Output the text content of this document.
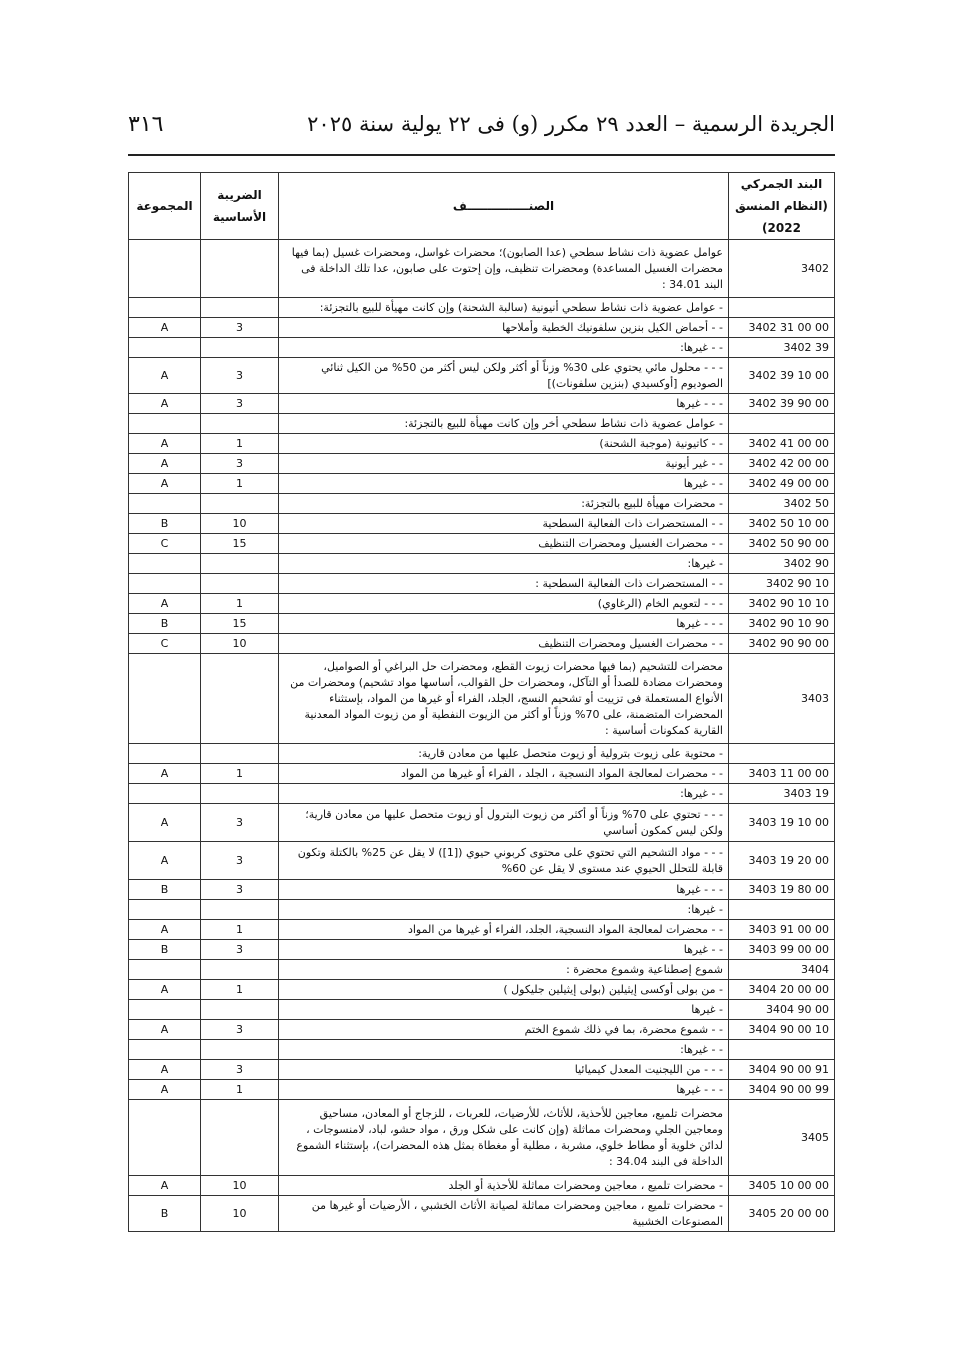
٣١٦	الجريدة الرسمية – العدد ٢٩ مكرر (و) فى ٢٢ يولية سنة ٢٠٢٥
البند الجمركي
(النظام المنسق
2022)	الصنـــــــــــــــف	الضريبة
الأساسية	المجموعة
3402	عوامل عضوية ذات نشاط سطحي (عدا الصابون)؛ محضرات غواسل، ومحضرات غسيل (بما فيها محضرات الغسيل المساعدة) ومحضرات تنظيف، وإن إحتوت على صابون، عدا تلك الداخلة فى البند 34.01 :		
	- عوامل عضوية ذات نشاط سطحي أنيونية (سالبة الشحنة) وإن كانت مهيأة للبيع بالتجزئة:		
3402 31 00 00	- - أحماض الكيل بنزين سلفونيك الخطية وأملاحها	3	A
3402 39	- - غيرها:		
3402 39 10 00	- - - محلول مائي يحتوي على 30% وزناً أو أكثر ولكن ليس أكثر من 50% من الكيل ثنائي الصوديوم [أوكسيدي (بنزين سلفونات)]	3	A
3402 39 90 00	- - - غيرها	3	A
	- عوامل عضوية ذات نشاط سطحي أخر وإن كانت مهيأة للبيع بالتجزئة:		
3402 41 00 00	- - كاتيونية (موجبة الشحنة)	1	A
3402 42 00 00	- - غير أيونية	3	A
3402 49 00 00	- - غيرها	1	A
3402 50	- محضرات مهيأة للبيع بالتجزئة:		
3402 50 10 00	- - المستحضرات ذات الفعالية السطحية	10	B
3402 50 90 00	- - محضرات الغسيل ومحضرات التنظيف	15	C
3402 90	- غيرها:		
3402 90 10	- - المستحضرات ذات الفعالية السطحية :		
3402 90 10 10	- - - لتعويم الخام (الرغاوي)	1	A
3402 90 10 90	- - - غيرها	15	B
3402 90 90 00	- - محضرات الغسيل ومحضرات التنظيف	10	C
3403	محضرات للتشحيم (بما فيها محضرات زيوت القطع، ومحضرات حل البراغي أو الصواميل، ومحضرات مضادة للصدأ أو التآكل، ومحضرات حل القوالب، أساسها مواد تشحيم) ومحضرات من الأنواع المستعملة فى تزييت أو تشحيم النسج، الجلد، الفراء أو غيرها من المواد، بإستثناء المحضرات المتضمنة، على 70% وزناً أو أكثر من الزيوت النفطية أو من زيوت المواد المعدنية القارية كمكونات أساسية :		
	- محتوية على زيوت بترولية أو زيوت متحصل عليها من معادن قارية:		
3403 11 00 00	- - محضرات لمعالجة المواد النسجية ، الجلد ، الفراء أو غيرها من المواد	1	A
3403 19	- - غيرها:		
3403 19 10 00	- - - تحتوي على 70% وزناً أو أكثر من زيوت البترول أو زيوت متحصل عليها من معادن قارية؛ ولكن ليس كمكون أساسي	3	A
3403 19 20 00	- - - مواد التشحيم التي تحتوي على محتوى كربوني حيوي ([1]) لا يقل عن 25% بالكتلة وتكون قابلة للتحلل الحيوي عند مستوى لا يقل عن 60%	3	A
3403 19 80 00	- - - غيرها	3	B
	- غيرها:		
3403 91 00 00	- - محضرات لمعالجة المواد النسجية، الجلد، الفراء أو غيرها من المواد	1	A
3403 99 00 00	- - غيرها	3	B
3404	شموع إصطناعية وشموع محضرة :		
3404 20 00 00	- من بولى أوكسى إيثيلين (بولى إيثيلين جليكول )	1	A
3404 90 00	- غيرها		
3404 90 00 10	- - شموع محضرة، بما في ذلك شموع الختم	3	A
	- - غيرها:		
3404 90 00 91	- - - من الليجنيت المعدل كيميائيا	3	A
3404 90 00 99	- - - غيرها	1	A
3405	محضرات تلميع، معاجين للأحذية، للأثاث، للأرضيات، للعربات ، للزجاج أو المعادن، مساحيق ومعاجين الجلي ومحضرات مماثلة (وإن كانت على شكل ورق ، مواد حشو، لباد، لامنسوجات ، لدائن خلوية أو مطاط خلوي، مشربة ، مطلية أو مغطاة بمثل هذه المحضرات)، بإستثناء الشموع الداخلة فى البند 34.04 :		
3405 10 00 00	- محضرات تلميع ، معاجين ومحضرات مماثلة للأحذية أو الجلد	10	A
3405 20 00 00	- محضرات تلميع ، معاجين ومحضرات مماثلة لصيانة الأثاث الخشبي ، الأرضيات أو غيرها من المصنوعات الخشبية	10	B
